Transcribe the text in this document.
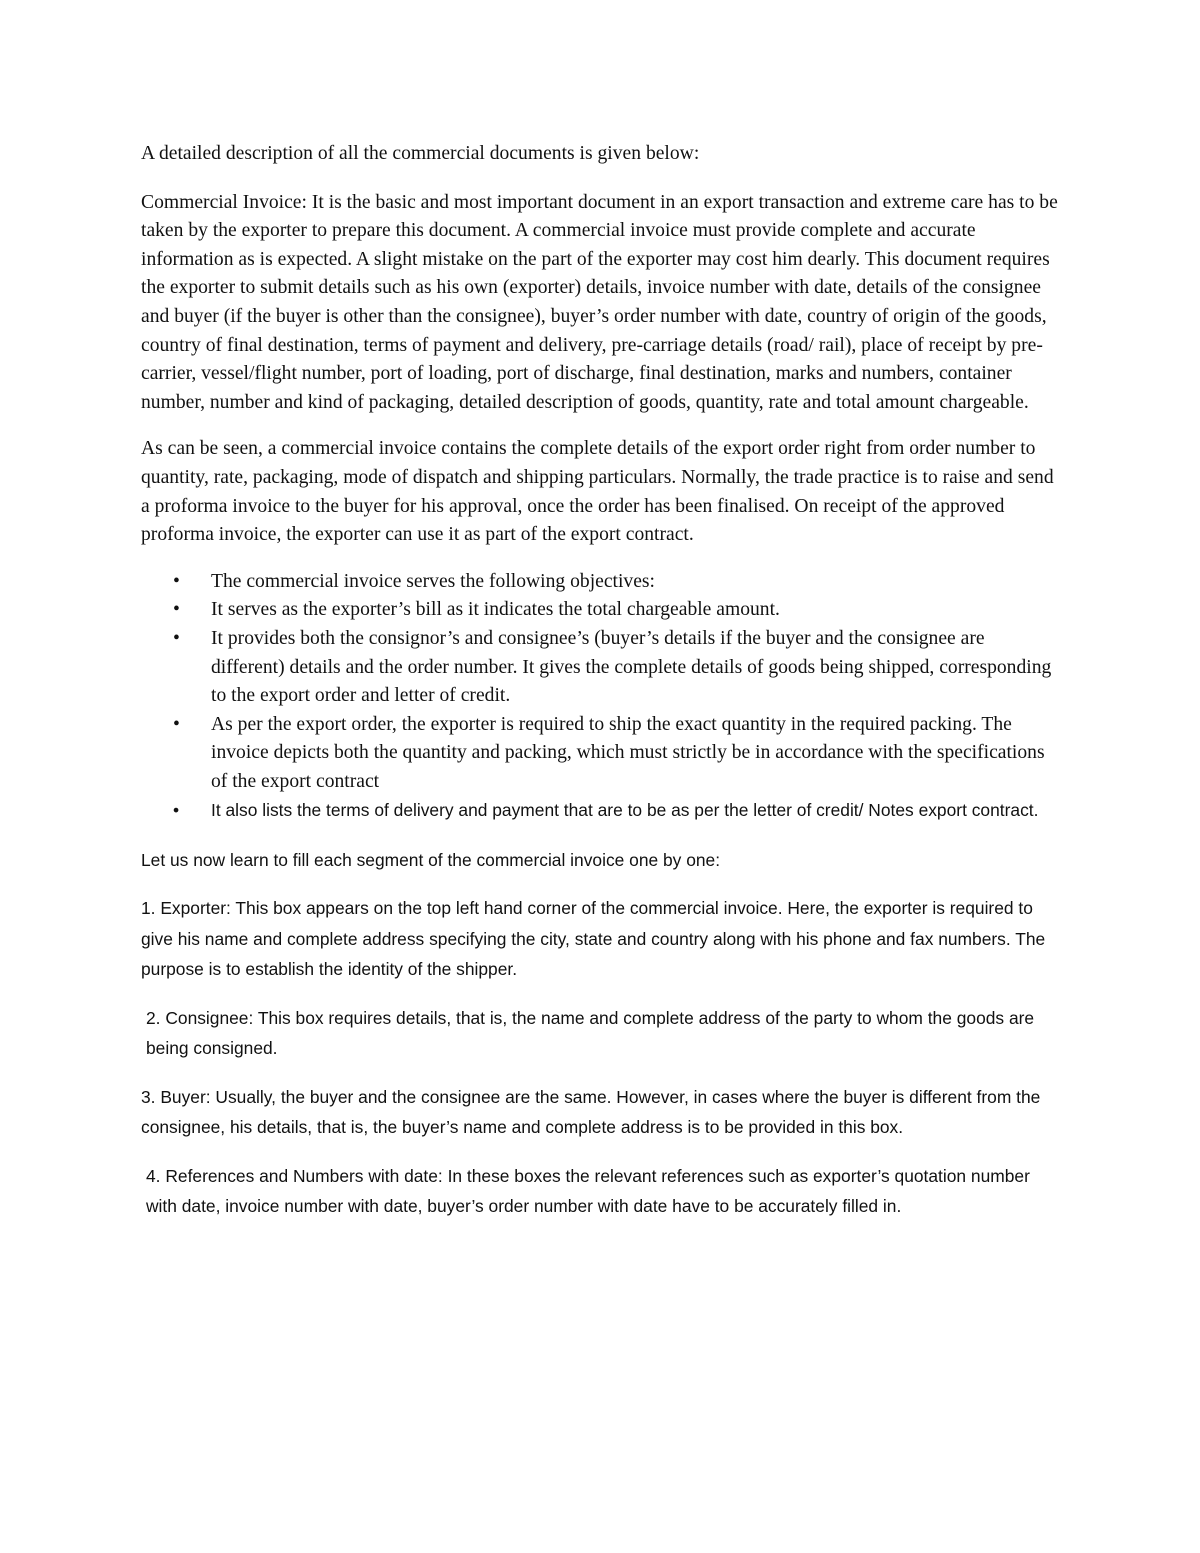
A detailed description of all the commercial documents is given below:

Commercial Invoice: It is the basic and most important document in an export transaction and extreme care has to be taken by the exporter to prepare this document. A commercial invoice must provide complete and accurate information as is expected. A slight mistake on the part of the exporter may cost him dearly. This document requires the exporter to submit details such as his own (exporter) details, invoice number with date, details of the consignee and buyer (if the buyer is other than the consignee), buyer’s order number with date, country of origin of the goods, country of final destination, terms of payment and delivery, pre-carriage details (road/ rail), place of receipt by pre-carrier, vessel/flight number, port of loading, port of discharge, final destination, marks and numbers, container number, number and kind of packaging, detailed description of goods, quantity, rate and total amount chargeable.

As can be seen, a commercial invoice contains the complete details of the export order right from order number to quantity, rate, packaging, mode of dispatch and shipping particulars. Normally, the trade practice is to raise and send a proforma invoice to the buyer for his approval, once the order has been finalised. On receipt of the approved proforma invoice, the exporter can use it as part of the export contract.

• The commercial invoice serves the following objectives:
• It serves as the exporter’s bill as it indicates the total chargeable amount.
• It provides both the consignor’s and consignee’s (buyer’s details if the buyer and the consignee are different) details and the order number. It gives the complete details of goods being shipped, corresponding to the export order and letter of credit.
• As per the export order, the exporter is required to ship the exact quantity in the required packing. The invoice depicts both the quantity and packing, which must strictly be in accordance with the specifications of the export contract
• It also lists the terms of delivery and payment that are to be as per the letter of credit/ Notes export contract.

Let us now learn to fill each segment of the commercial invoice one by one:

1. Exporter: This box appears on the top left hand corner of the commercial invoice. Here, the exporter is required to give his name and complete address specifying the city, state and country along with his phone and fax numbers. The purpose is to establish the identity of the shipper.

2. Consignee: This box requires details, that is, the name and complete address of the party to whom the goods are being consigned.

3. Buyer: Usually, the buyer and the consignee are the same. However, in cases where the buyer is different from the consignee, his details, that is, the buyer’s name and complete address is to be provided in this box.

4. References and Numbers with date: In these boxes the relevant references such as exporter’s quotation number with date, invoice number with date, buyer’s order number with date have to be accurately filled in.
